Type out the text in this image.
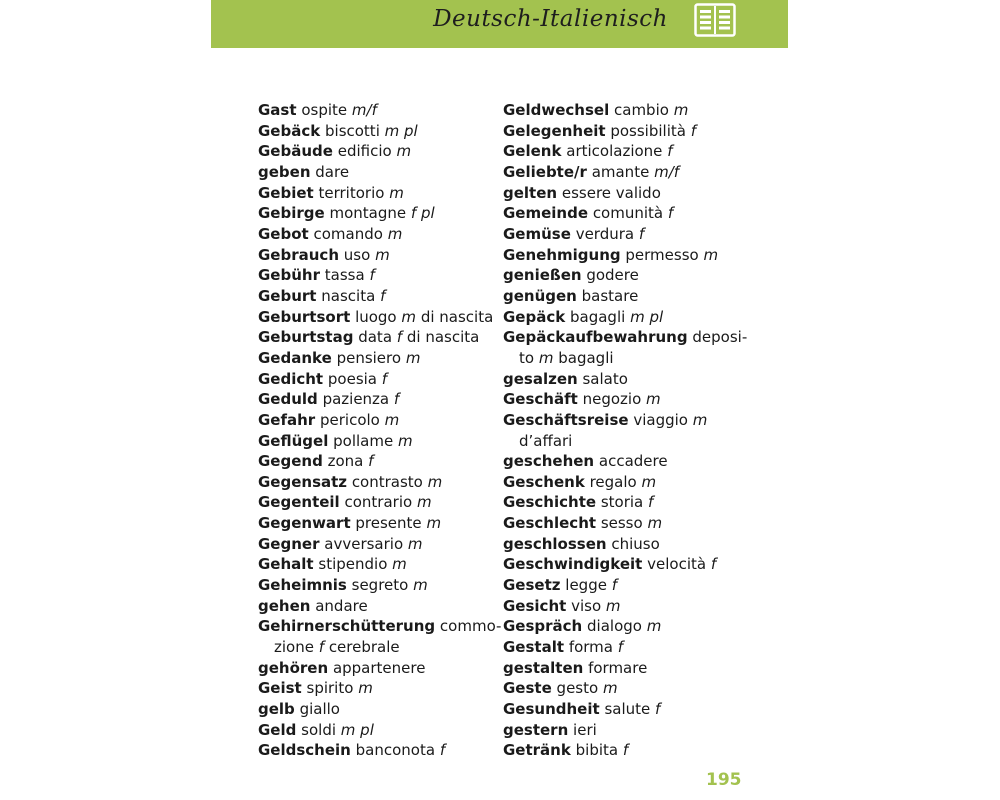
Deutsch-Italienisch
Gast ospite m/f
Gebäck biscotti m pl
Gebäude edificio m
geben dare
Gebiet territorio m
Gebirge montagne f pl
Gebot comando m
Gebrauch uso m
Gebühr tassa f
Geburt nascita f
Geburtsort luogo m di nascita
Geburtstag data f di nascita
Gedanke pensiero m
Gedicht poesia f
Geduld pazienza f
Gefahr pericolo m
Geflügel pollame m
Gegend zona f
Gegensatz contrasto m
Gegenteil contrario m
Gegenwart presente m
Gegner avversario m
Gehalt stipendio m
Geheimnis segreto m
gehen andare
Gehirnerschütterung commo-
zione f cerebrale
gehören appartenere
Geist spirito m
gelb giallo
Geld soldi m pl
Geldschein banconota f
Geldwechsel cambio m
Gelegenheit possibilità f
Gelenk articolazione f
Geliebte/r amante m/f
gelten essere valido
Gemeinde comunità f
Gemüse verdura f
Genehmigung permesso m
genießen godere
genügen bastare
Gepäck bagagli m pl
Gepäckaufbewahrung deposi-
to m bagagli
gesalzen salato
Geschäft negozio m
Geschäftsreise viaggio m
d’affari
geschehen accadere
Geschenk regalo m
Geschichte storia f
Geschlecht sesso m
geschlossen chiuso
Geschwindigkeit velocità f
Gesetz legge f
Gesicht viso m
Gespräch dialogo m
Gestalt forma f
gestalten formare
Geste gesto m
Gesundheit salute f
gestern ieri
Getränk bibita f
195
